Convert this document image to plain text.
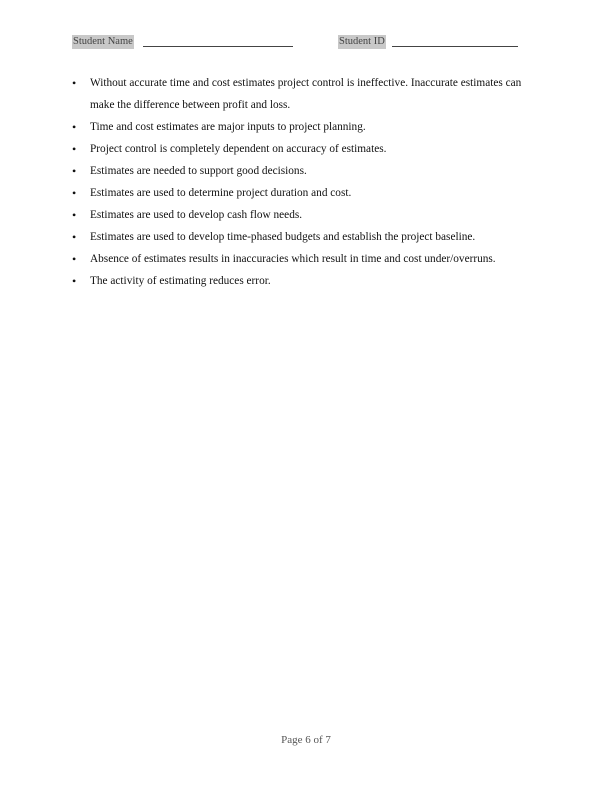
Student Name	Student ID
• Without accurate time and cost estimates project control is ineffective. Inaccurate estimates can make the difference between profit and loss.
• Time and cost estimates are major inputs to project planning.
• Project control is completely dependent on accuracy of estimates.
• Estimates are needed to support good decisions.
• Estimates are used to determine project duration and cost.
• Estimates are used to develop cash flow needs.
• Estimates are used to develop time-phased budgets and establish the project baseline.
• Absence of estimates results in inaccuracies which result in time and cost under/overruns.
• The activity of estimating reduces error.
Page 6 of 7
